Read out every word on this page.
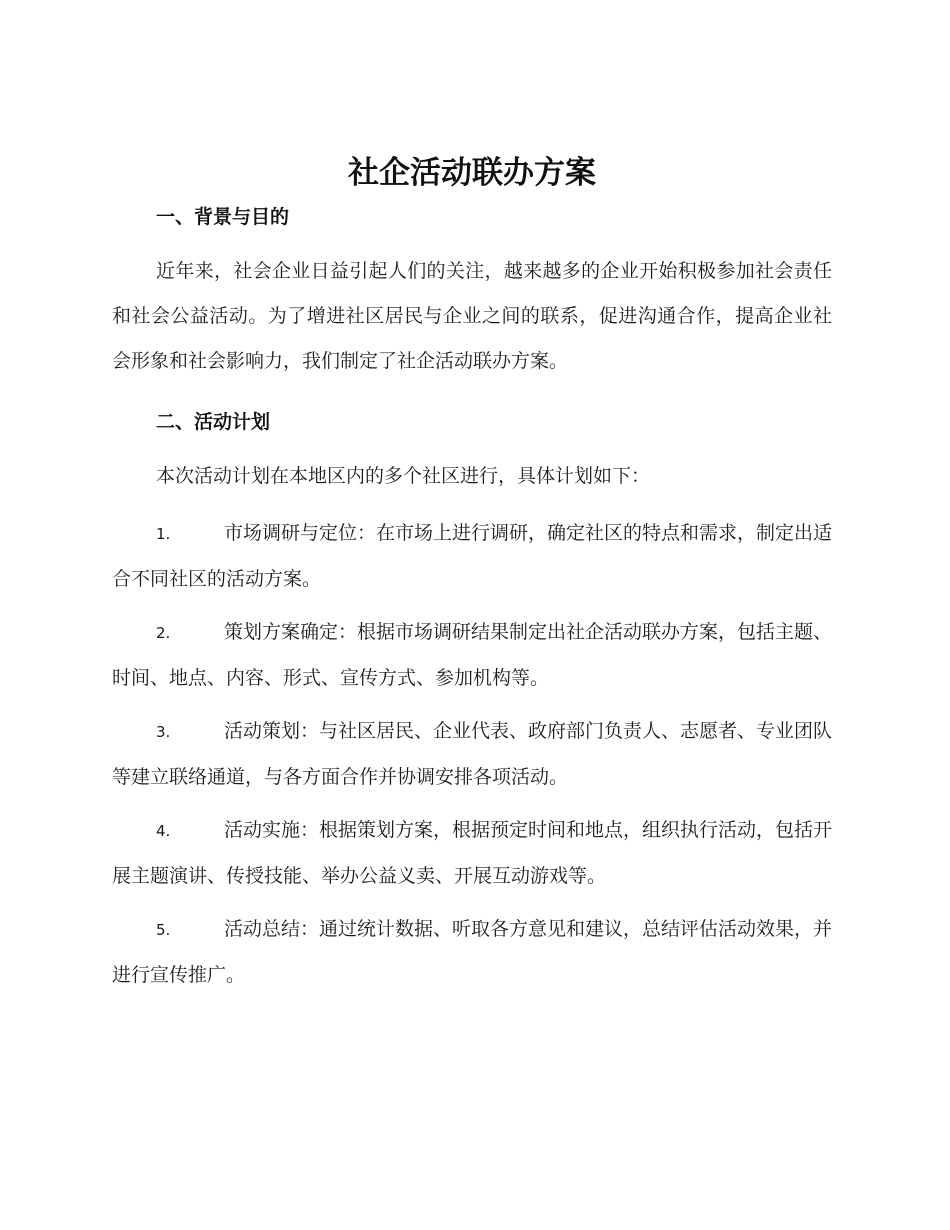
社企活动联办方案
一、背景与目的

近年来，社会企业日益引起人们的关注，越来越多的企业开始积极参加社会责任和社会公益活动。为了增进社区居民与企业之间的联系，促进沟通合作，提高企业社会形象和社会影响力，我们制定了社企活动联办方案。

二、活动计划

本次活动计划在本地区内的多个社区进行，具体计划如下：

1.	市场调研与定位：在市场上进行调研，确定社区的特点和需求，制定出适合不同社区的活动方案。

2.	策划方案确定：根据市场调研结果制定出社企活动联办方案，包括主题、时间、地点、内容、形式、宣传方式、参加机构等。

3.	活动策划：与社区居民、企业代表、政府部门负责人、志愿者、专业团队等建立联络通道，与各方面合作并协调安排各项活动。

4.	活动实施：根据策划方案，根据预定时间和地点，组织执行活动，包括开展主题演讲、传授技能、举办公益义卖、开展互动游戏等。

5.	活动总结：通过统计数据、听取各方意见和建议，总结评估活动效果，并进行宣传推广。
